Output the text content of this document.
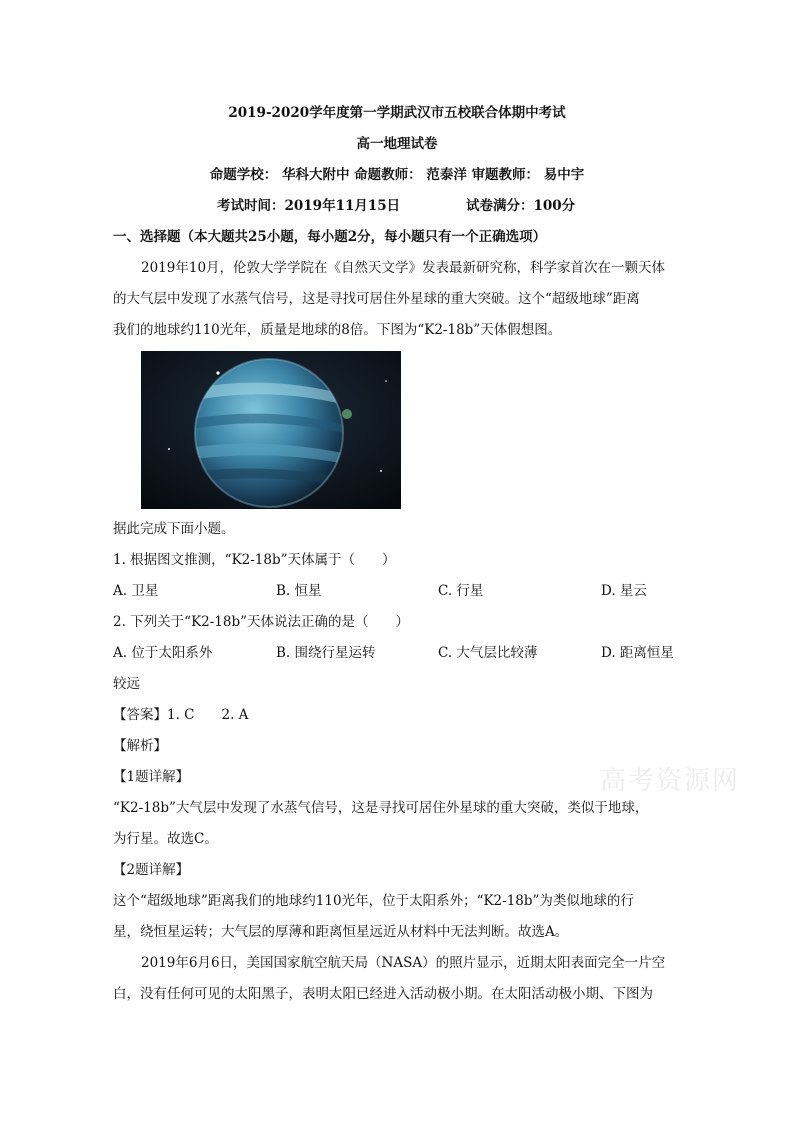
2019-2020学年度第一学期武汉市五校联合体期中考试
高一地理试卷
命题学校： 华科大附中 命题教师： 范泰洋 审题教师： 易中宇
考试时间：2019年11月15日	试卷满分：100分
一、选择题（本大题共25小题，每小题2分，每小题只有一个正确选项）
2019年10月，伦敦大学学院在《自然天文学》发表最新研究称，科学家首次在一颗天体
的大气层中发现了水蒸气信号，这是寻找可居住外星球的重大突破。这个“超级地球”距离
我们的地球约110光年，质量是地球的8倍。下图为“K2-18b”天体假想图。
据此完成下面小题。
1. 根据图文推测，“K2-18b”天体属于（　　）
A. 卫星	B. 恒星	C. 行星	D. 星云
2. 下列关于“K2-18b”天体说法正确的是（　　）
A. 位于太阳系外	B. 围绕行星运转	C. 大气层比较薄	D. 距离恒星
较远
【答案】1. C　　2. A
【解析】
【1题详解】
“K2-18b”大气层中发现了水蒸气信号，这是寻找可居住外星球的重大突破，类似于地球，
为行星。故选C。
【2题详解】
这个“超级地球”距离我们的地球约110光年，位于太阳系外；“K2-18b”为类似地球的行
星，绕恒星运转；大气层的厚薄和距离恒星远近从材料中无法判断。故选A。
2019年6月6日，美国国家航空航天局（NASA）的照片显示，近期太阳表面完全一片空
白，没有任何可见的太阳黑子，表明太阳已经进入活动极小期。在太阳活动极小期、下图为
高考资源网
